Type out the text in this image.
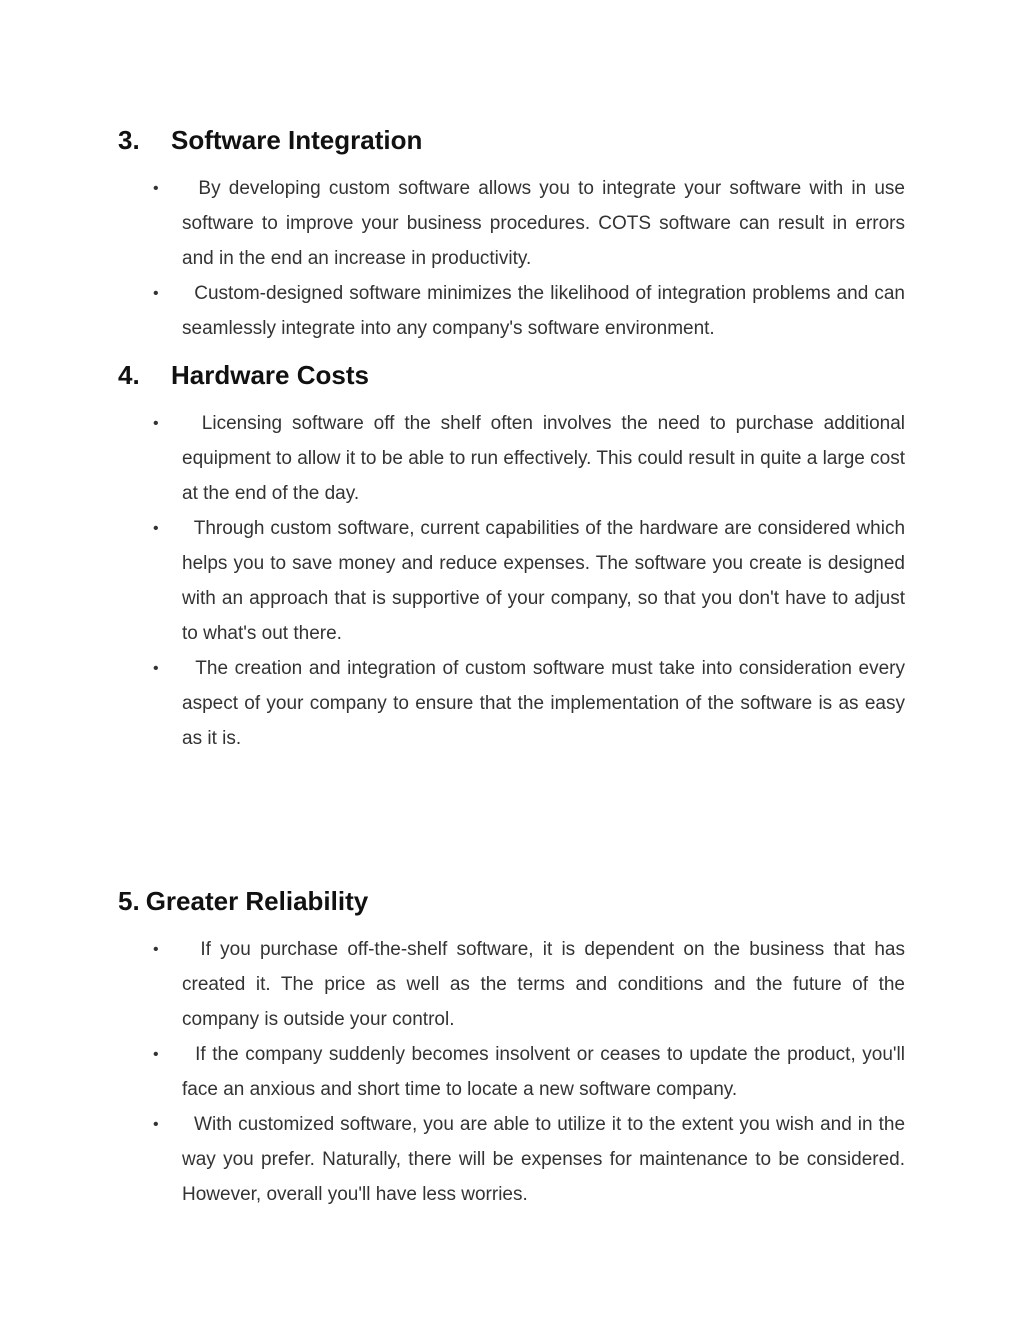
3. Software Integration
• By developing custom software allows you to integrate your software with in use software to improve your business procedures. COTS software can result in errors and in the end an increase in productivity.
• Custom-designed software minimizes the likelihood of integration problems and can seamlessly integrate into any company's software environment.
4. Hardware Costs
• Licensing software off the shelf often involves the need to purchase additional equipment to allow it to be able to run effectively. This could result in quite a large cost at the end of the day.
• Through custom software, current capabilities of the hardware are considered which helps you to save money and reduce expenses. The software you create is designed with an approach that is supportive of your company, so that you don't have to adjust to what's out there.
• The creation and integration of custom software must take into consideration every aspect of your company to ensure that the implementation of the software is as easy as it is.
5. Greater Reliability
• If you purchase off-the-shelf software, it is dependent on the business that has created it. The price as well as the terms and conditions and the future of the company is outside your control.
• If the company suddenly becomes insolvent or ceases to update the product, you'll face an anxious and short time to locate a new software company.
• With customized software, you are able to utilize it to the extent you wish and in the way you prefer. Naturally, there will be expenses for maintenance to be considered. However, overall you'll have less worries.
